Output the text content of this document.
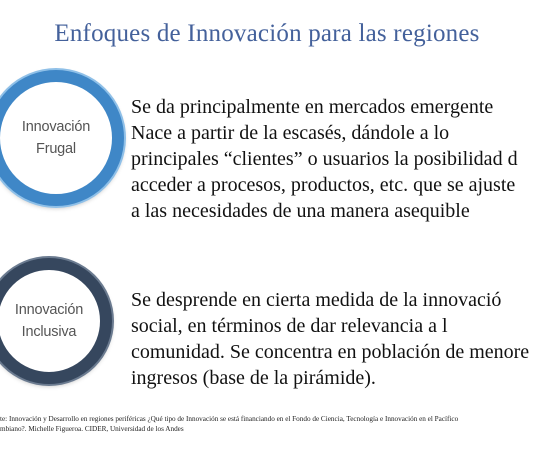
Enfoques de Innovación para las regiones
Innovación
Frugal
Se da principalmente en mercados emergente
Nace a partir de la escasés, dándole a lo
principales “clientes” o usuarios la posibilidad d
acceder a procesos, productos, etc. que se ajuste
a las necesidades de una manera asequible
Innovación
Inclusiva
Se desprende en cierta medida de la innovació
social, en términos de dar relevancia a l
comunidad. Se concentra en población de menore
ingresos (base de la pirámide).
te: Innovación y Desarrollo en regiones periféricas ¿Qué tipo de Innovación se está financiando en el Fondo de Ciencia, Tecnología e Innovación en el Pacífico
mbiano?. Michelle Figueroa. CIDER, Universidad de los Andes
